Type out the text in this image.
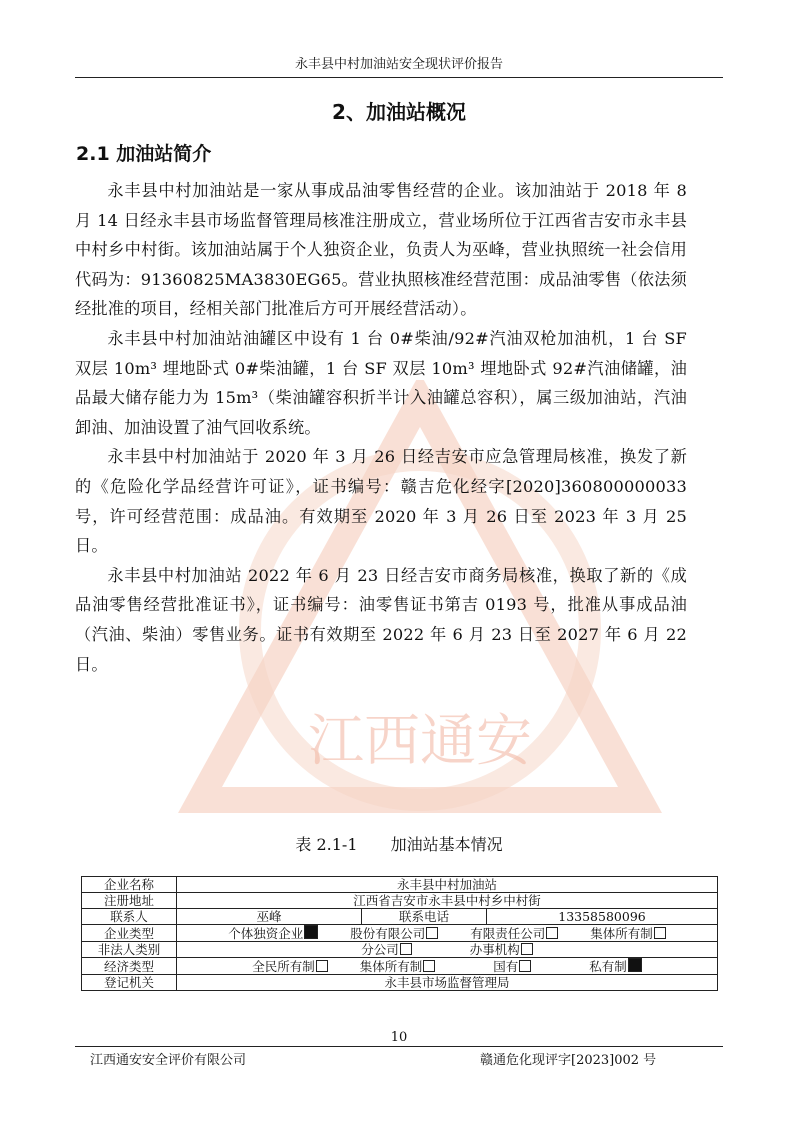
永丰县中村加油站安全现状评价报告
江西通安
2、加油站概况
2.1 加油站简介

永丰县中村加油站是一家从事成品油零售经营的企业。该加油站于 2018 年 8 月 14 日经永丰县市场监督管理局核准注册成立，营业场所位于江西省吉安市永丰县中村乡中村街。该加油站属于个人独资企业，负责人为巫峰，营业执照统一社会信用代码为：91360825MA3830EG65。营业执照核准经营范围：成品油零售（依法须经批准的项目，经相关部门批准后方可开展经营活动）。

永丰县中村加油站油罐区中设有 1 台 0#柴油/92#汽油双枪加油机，1 台 SF 双层 10m³ 埋地卧式 0#柴油罐，1 台 SF 双层 10m³ 埋地卧式 92#汽油储罐，油品最大储存能力为 15m³（柴油罐容积折半计入油罐总容积），属三级加油站，汽油卸油、加油设置了油气回收系统。

永丰县中村加油站于 2020 年 3 月 26 日经吉安市应急管理局核准，换发了新的《危险化学品经营许可证》，证书编号：赣吉危化经字[2020]360800000033 号，许可经营范围：成品油。有效期至 2020 年 3 月 26 日至 2023 年 3 月 25 日。

永丰县中村加油站 2022 年 6 月 23 日经吉安市商务局核准，换取了新的《成品油零售经营批准证书》，证书编号：油零售证书第吉 0193 号，批准从事成品油（汽油、柴油）零售业务。证书有效期至 2022 年 6 月 23 日至 2027 年 6 月 22 日。

表 2.1-1 加油站基本情况
企业名称	永丰县中村加油站		
注册地址	江西省吉安市永丰县中村乡中村街		
联系人	巫峰	联系电话	13358580096
企业类型	个体独资企业 股份有限公司 有限责任公司 集体所有制		
非法人类别	分公司 办事机构		
经济类型	全民所有制 集体所有制 国有 私有制		
登记机关	永丰县市场监督管理局		
10
江西通安安全评价有限公司	赣通危化现评字[2023]002 号
